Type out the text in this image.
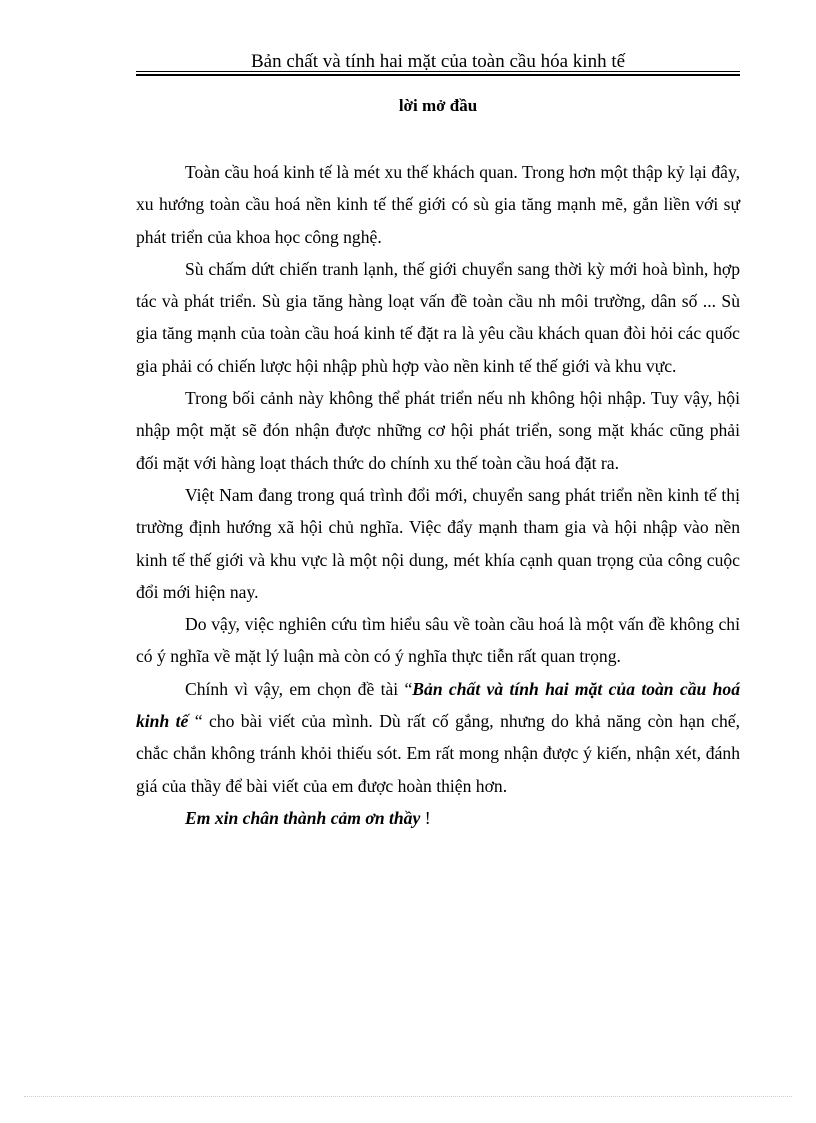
Bản chất và tính hai mặt của toàn cầu hóa kinh tế
lời mở đầu

Toàn cầu hoá kinh tế là mét xu thế khách quan. Trong hơn một thập kỷ lại đây, xu hướng toàn cầu hoá nền kinh tế thế giới có sù gia tăng mạnh mẽ, gắn liền với sự phát triển của khoa học công nghệ.

Sù chấm dứt chiến tranh lạnh, thế giới chuyển sang thời kỳ mới hoà bình, hợp tác và phát triển. Sù gia tăng hàng loạt vấn đề toàn cầu nh môi trường, dân số ... Sù gia tăng mạnh của toàn cầu hoá kinh tế đặt ra là yêu cầu khách quan đòi hỏi các quốc gia phải có chiến lược hội nhập phù hợp vào nền kinh tế thế giới và khu vực.

Trong bối cảnh này không thể phát triển nếu nh không hội nhập. Tuy vậy, hội nhập một mặt sẽ đón nhận được những cơ hội phát triển, song mặt khác cũng phải đối mặt với hàng loạt thách thức do chính xu thế toàn cầu hoá đặt ra.

Việt Nam đang trong quá trình đổi mới, chuyển sang phát triển nền kinh tế thị trường định hướng xã hội chủ nghĩa. Việc đẩy mạnh tham gia và hội nhập vào nền kinh tế thế giới và khu vực là một nội dung, mét khía cạnh quan trọng của công cuộc đổi mới hiện nay.

Do vậy, việc nghiên cứu tìm hiểu sâu về toàn cầu hoá là một vấn đề không chỉ có ý nghĩa về mặt lý luận mà còn có ý nghĩa thực tiễn rất quan trọng.

Chính vì vậy, em chọn đề tài “Bản chất và tính hai mặt của toàn cầu hoá kinh tế “ cho bài viết của mình. Dù rất cố gắng, nhưng do khả năng còn hạn chế, chắc chắn không tránh khỏi thiếu sót. Em rất mong nhận được ý kiến, nhận xét, đánh giá của thầy để bài viết của em được hoàn thiện hơn.

Em xin chân thành cảm ơn thầy !
